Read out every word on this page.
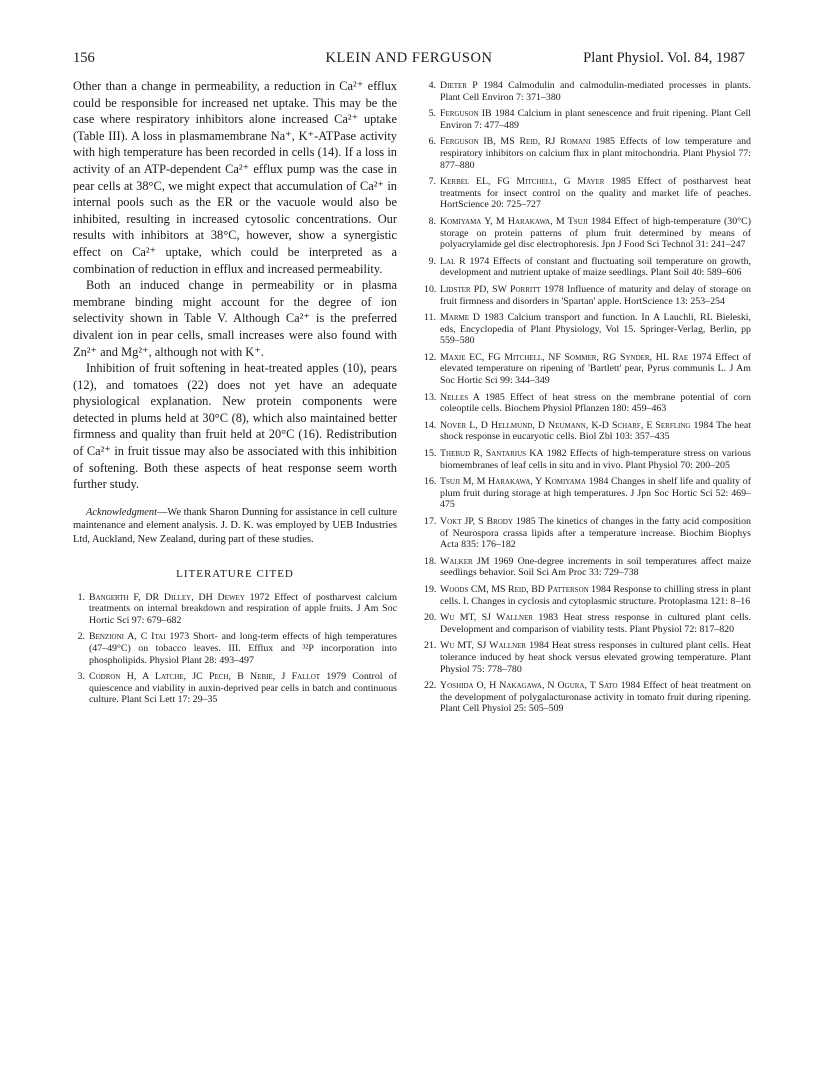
156	KLEIN AND FERGUSON	Plant Physiol. Vol. 84, 1987

Other than a change in permeability, a reduction in Ca²⁺ efflux could be responsible for increased net uptake. This may be the case where respiratory inhibitors alone increased Ca²⁺ uptake (Table III). A loss in plasmamembrane Na⁺, K⁺-ATPase activity with high temperature has been recorded in cells (14). If a loss in activity of an ATP-dependent Ca²⁺ efflux pump was the case in pear cells at 38°C, we might expect that accumulation of Ca²⁺ in internal pools such as the ER or the vacuole would also be inhibited, resulting in increased cytosolic concentrations. Our results with inhibitors at 38°C, however, show a synergistic effect on Ca²⁺ uptake, which could be interpreted as a combination of reduction in efflux and increased permeability.

Both an induced change in permeability or in plasma membrane binding might account for the degree of ion selectivity shown in Table V. Although Ca²⁺ is the preferred divalent ion in pear cells, small increases were also found with Zn²⁺ and Mg²⁺, although not with K⁺.

Inhibition of fruit softening in heat-treated apples (10), pears (12), and tomatoes (22) does not yet have an adequate physiological explanation. New protein components were detected in plums held at 30°C (8), which also maintained better firmness and quality than fruit held at 20°C (16). Redistribution of Ca²⁺ in fruit tissue may also be associated with this inhibition of softening. Both these aspects of heat response seem worth further study.

Acknowledgment—We thank Sharon Dunning for assistance in cell culture maintenance and element analysis. J. D. K. was employed by UEB Industries Ltd, Auckland, New Zealand, during part of these studies.
LITERATURE CITED
1. Bangerth F, DR Dilley, DH Dewey 1972 Effect of postharvest calcium treatments on internal breakdown and respiration of apple fruits. J Am Soc Hortic Sci 97: 679–682
2. Benzioni A, C Itai 1973 Short- and long-term effects of high temperatures (47–49°C) on tobacco leaves. III. Efflux and ³²P incorporation into phospholipids. Physiol Plant 28: 493–497
3. Codron H, A Latche, JC Pech, B Nebie, J Fallot 1979 Control of quiescence and viability in auxin-deprived pear cells in batch and continuous culture. Plant Sci Lett 17: 29–35
4. Dieter P 1984 Calmodulin and calmodulin-mediated processes in plants. Plant Cell Environ 7: 371–380
5. Ferguson IB 1984 Calcium in plant senescence and fruit ripening. Plant Cell Environ 7: 477–489
6. Ferguson IB, MS Reid, RJ Romani 1985 Effects of low temperature and respiratory inhibitors on calcium flux in plant mitochondria. Plant Physiol 77: 877–880
7. Kerbel EL, FG Mitchell, G Mayer 1985 Effect of postharvest heat treatments for insect control on the quality and market life of peaches. HortScience 20: 725–727
8. Komiyama Y, M Harakawa, M Tsuji 1984 Effect of high-temperature (30°C) storage on protein patterns of plum fruit determined by means of polyacrylamide gel disc electrophoresis. Jpn J Food Sci Technol 31: 241–247
9. Lal R 1974 Effects of constant and fluctuating soil temperature on growth, development and nutrient uptake of maize seedlings. Plant Soil 40: 589–606
10. Lidster PD, SW Porritt 1978 Influence of maturity and delay of storage on fruit firmness and disorders in 'Spartan' apple. HortScience 13: 253–254
11. Marme D 1983 Calcium transport and function. In A Lauchli, RL Bieleski, eds, Encyclopedia of Plant Physiology, Vol 15. Springer-Verlag, Berlin, pp 559–580
12. Maxie EC, FG Mitchell, NF Sommer, RG Synder, HL Rae 1974 Effect of elevated temperature on ripening of 'Bartlett' pear, Pyrus communis L. J Am Soc Hortic Sci 99: 344–349
13. Nelles A 1985 Effect of heat stress on the membrane potential of corn coleoptile cells. Biochem Physiol Pflanzen 180: 459–463
14. Nover L, D Hellmund, D Neumann, K-D Scharf, E Serfling 1984 The heat shock response in eucaryotic cells. Biol Zbl 103: 357–435
15. Thebud R, Santarius KA 1982 Effects of high-temperature stress on various biomembranes of leaf cells in situ and in vivo. Plant Physiol 70: 200–205
16. Tsuji M, M Harakawa, Y Komiyama 1984 Changes in shelf life and quality of plum fruit during storage at high temperatures. J Jpn Soc Hortic Sci 52: 469–475
17. Vokt JP, S Brody 1985 The kinetics of changes in the fatty acid composition of Neurospora crassa lipids after a temperature increase. Biochim Biophys Acta 835: 176–182
18. Walker JM 1969 One-degree increments in soil temperatures affect maize seedlings behavior. Soil Sci Am Proc 33: 729–738
19. Woods CM, MS Reid, BD Patterson 1984 Response to chilling stress in plant cells. I. Changes in cyclosis and cytoplasmic structure. Protoplasma 121: 8–16
20. Wu MT, SJ Wallner 1983 Heat stress response in cultured plant cells. Development and comparison of viability tests. Plant Physiol 72: 817–820
21. Wu MT, SJ Wallner 1984 Heat stress responses in cultured plant cells. Heat tolerance induced by heat shock versus elevated growing temperature. Plant Physiol 75: 778–780
22. Yoshida O, H Nakagawa, N Ogura, T Sato 1984 Effect of heat treatment on the development of polygalacturonase activity in tomato fruit during ripening. Plant Cell Physiol 25: 505–509
